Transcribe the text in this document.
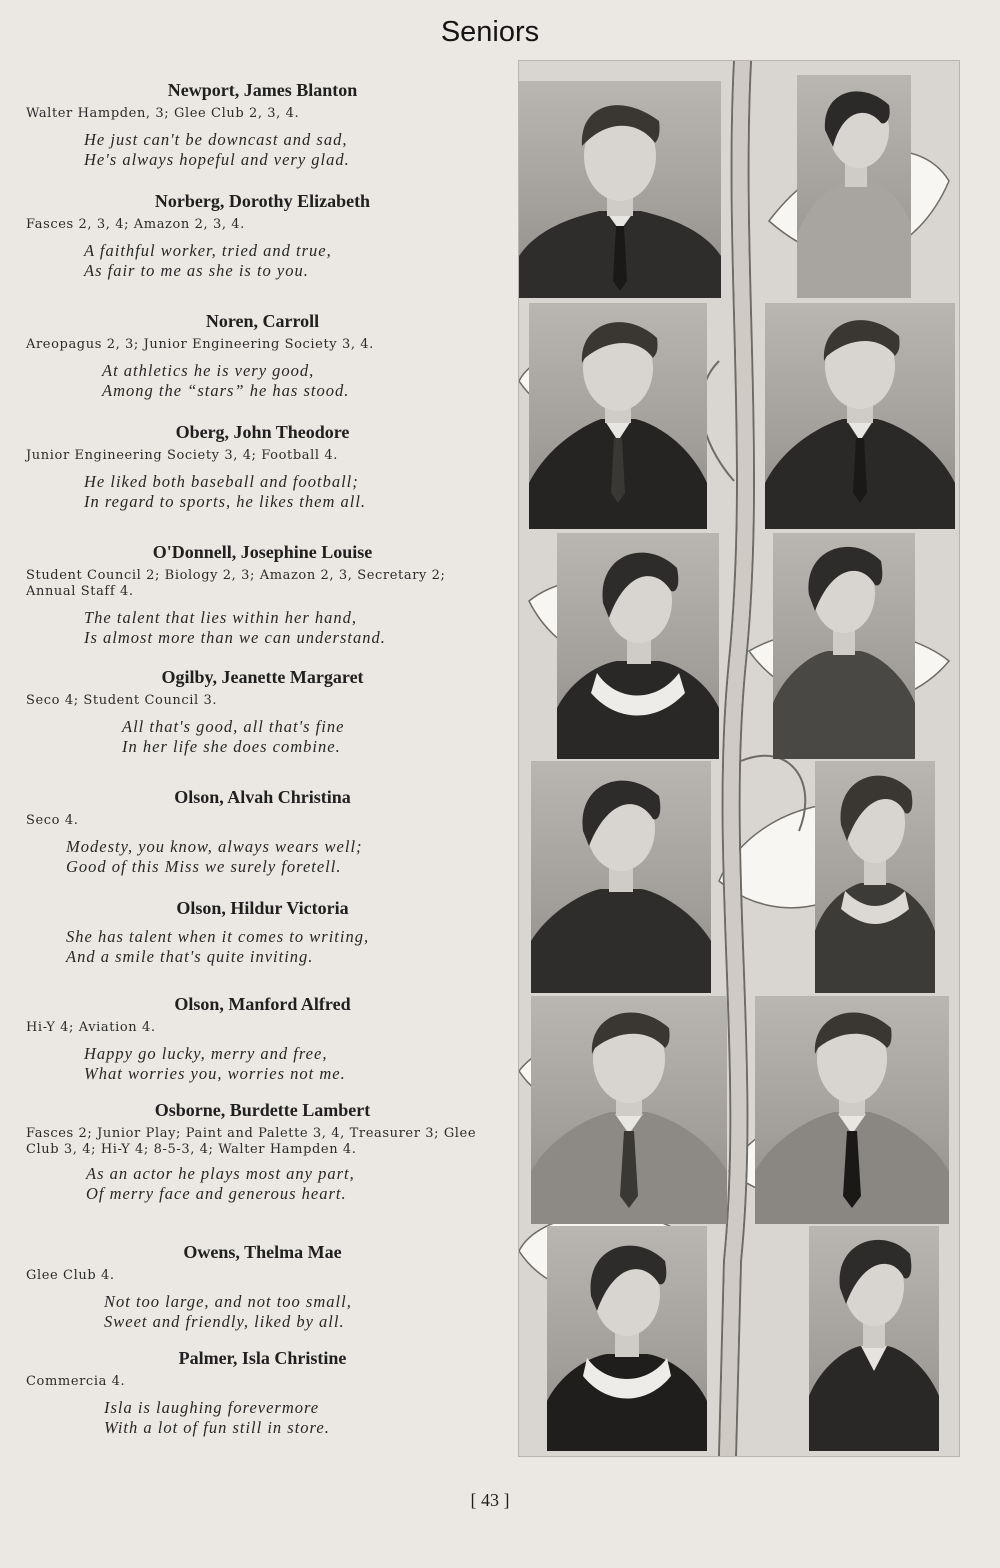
Seniors
Newport, James Blanton
Walter Hampden, 3; Glee Club 2, 3, 4.
He just can't be downcast and sad,
He's always hopeful and very glad.
Norberg, Dorothy Elizabeth
Fasces 2, 3, 4; Amazon 2, 3, 4.
A faithful worker, tried and true,
As fair to me as she is to you.
Noren, Carroll
Areopagus 2, 3; Junior Engineering Society 3, 4.
At athletics he is very good,
Among the “stars” he has stood.
Oberg, John Theodore
Junior Engineering Society 3, 4; Football 4.
He liked both baseball and football;
In regard to sports, he likes them all.
O'Donnell, Josephine Louise
Student Council 2; Biology 2, 3; Amazon 2, 3, Secretary 2; Annual Staff 4.
The talent that lies within her hand,
Is almost more than we can understand.
Ogilby, Jeanette Margaret
Seco 4; Student Council 3.
All that's good, all that's fine
In her life she does combine.
Olson, Alvah Christina
Seco 4.
Modesty, you know, always wears well;
Good of this Miss we surely foretell.
Olson, Hildur Victoria
She has talent when it comes to writing,
And a smile that's quite inviting.
Olson, Manford Alfred
Hi-Y 4; Aviation 4.
Happy go lucky, merry and free,
What worries you, worries not me.
Osborne, Burdette Lambert
Fasces 2; Junior Play; Paint and Palette 3, 4, Treasurer 3; Glee Club 3, 4; Hi-Y 4; 8-5-3, 4; Walter Hampden 4.
As an actor he plays most any part,
Of merry face and generous heart.
Owens, Thelma Mae
Glee Club 4.
Not too large, and not too small,
Sweet and friendly, liked by all.
Palmer, Isla Christine
Commercia 4.
Isla is laughing forevermore
With a lot of fun still in store.
[ 43 ]
